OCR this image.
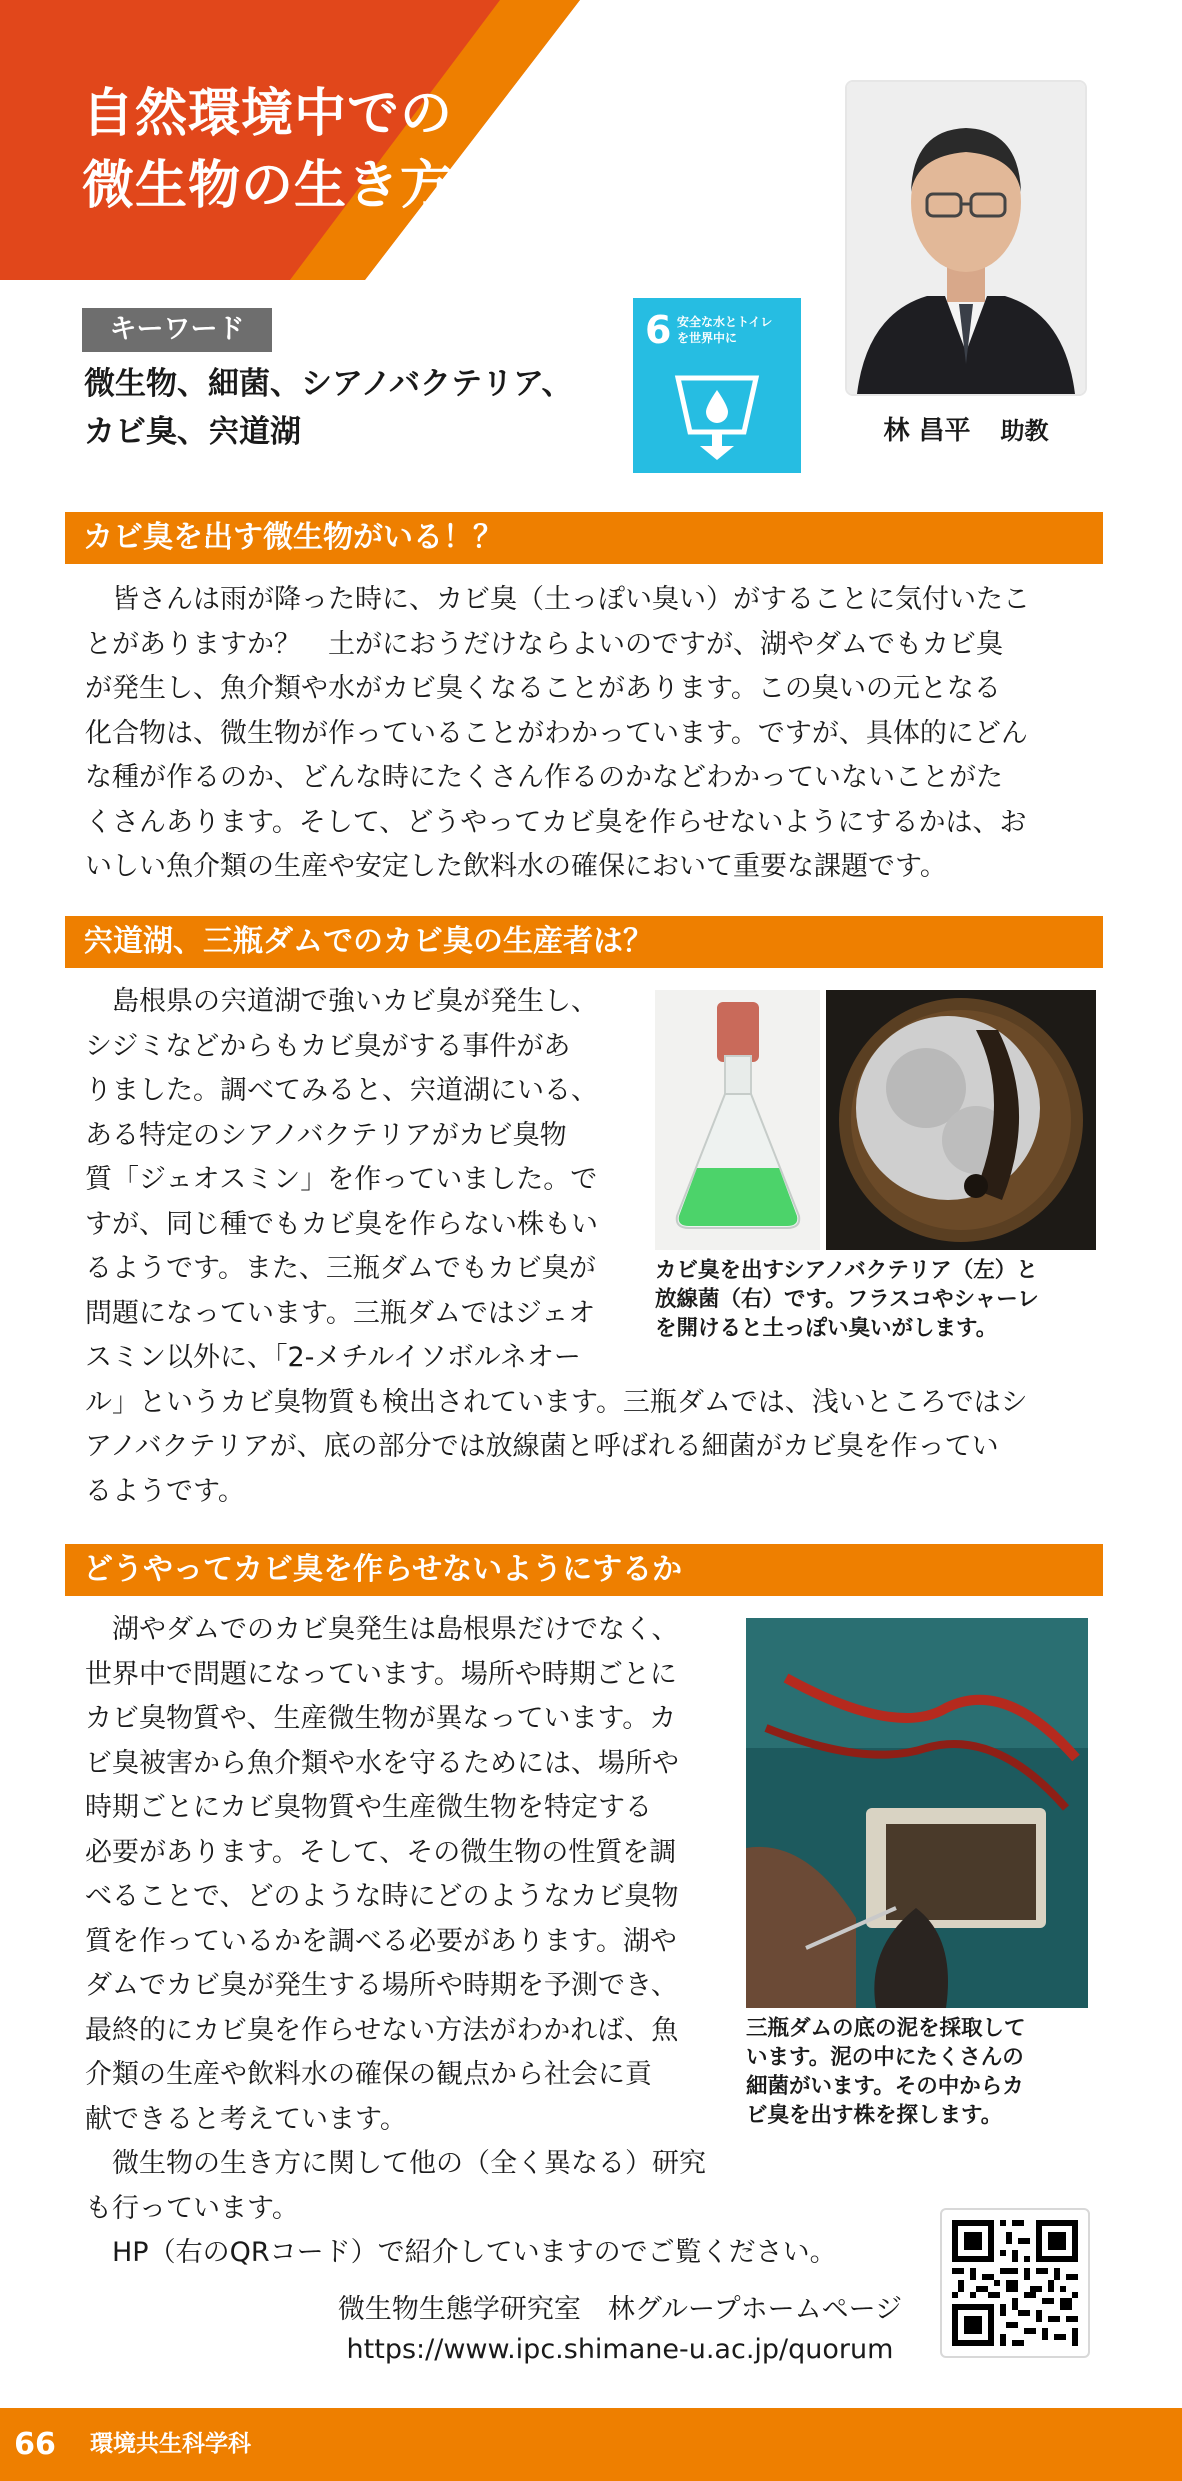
自然環境中での
微生物の生き方を知る
林 昌平 助教
キーワード
微生物、細菌、シアノバクテリア、
カビ臭、宍道湖
6 安全な水とトイレ
を世界中に
カビ臭を出す微生物がいる！？
　皆さんは雨が降った時に、カビ臭（土っぽい臭い）がすることに気付いたこ
とがありますか？　土がにおうだけならよいのですが、湖やダムでもカビ臭
が発生し、魚介類や水がカビ臭くなることがあります。この臭いの元となる
化合物は、微生物が作っていることがわかっています。ですが、具体的にどん
な種が作るのか、どんな時にたくさん作るのかなどわかっていないことがた
くさんあります。そして、どうやってカビ臭を作らせないようにするかは、お
いしい魚介類の生産や安定した飲料水の確保において重要な課題です。
宍道湖、三瓶ダムでのカビ臭の生産者は？
　島根県の宍道湖で強いカビ臭が発生し、
シジミなどからもカビ臭がする事件があ
りました。調べてみると、宍道湖にいる、
ある特定のシアノバクテリアがカビ臭物
質「ジェオスミン」を作っていました。で
すが、同じ種でもカビ臭を作らない株もい
るようです。また、三瓶ダムでもカビ臭が
問題になっています。三瓶ダムではジェオ
スミン以外に、「2-メチルイソボルネオー
ル」というカビ臭物質も検出されています。三瓶ダムでは、浅いところではシ
アノバクテリアが、底の部分では放線菌と呼ばれる細菌がカビ臭を作ってい
るようです。
カビ臭を出すシアノバクテリア（左）と
放線菌（右）です。フラスコやシャーレ
を開けると土っぽい臭いがします。
どうやってカビ臭を作らせないようにするか
　湖やダムでのカビ臭発生は島根県だけでなく、
世界中で問題になっています。場所や時期ごとに
カビ臭物質や、生産微生物が異なっています。カ
ビ臭被害から魚介類や水を守るためには、場所や
時期ごとにカビ臭物質や生産微生物を特定する
必要があります。そして、その微生物の性質を調
べることで、どのような時にどのようなカビ臭物
質を作っているかを調べる必要があります。湖や
ダムでカビ臭が発生する場所や時期を予測でき、
最終的にカビ臭を作らせない方法がわかれば、魚
介類の生産や飲料水の確保の観点から社会に貢
献できると考えています。
　微生物の生き方に関して他の（全く異なる）研究
も行っています。
　HP（右のQRコード）で紹介していますのでご覧ください。
三瓶ダムの底の泥を採取して
います。泥の中にたくさんの
細菌がいます。その中からカ
ビ臭を出す株を探します。
微生物生態学研究室　林グループホームページ
https://www.ipc.shimane-u.ac.jp/quorum
66	環境共生科学科
